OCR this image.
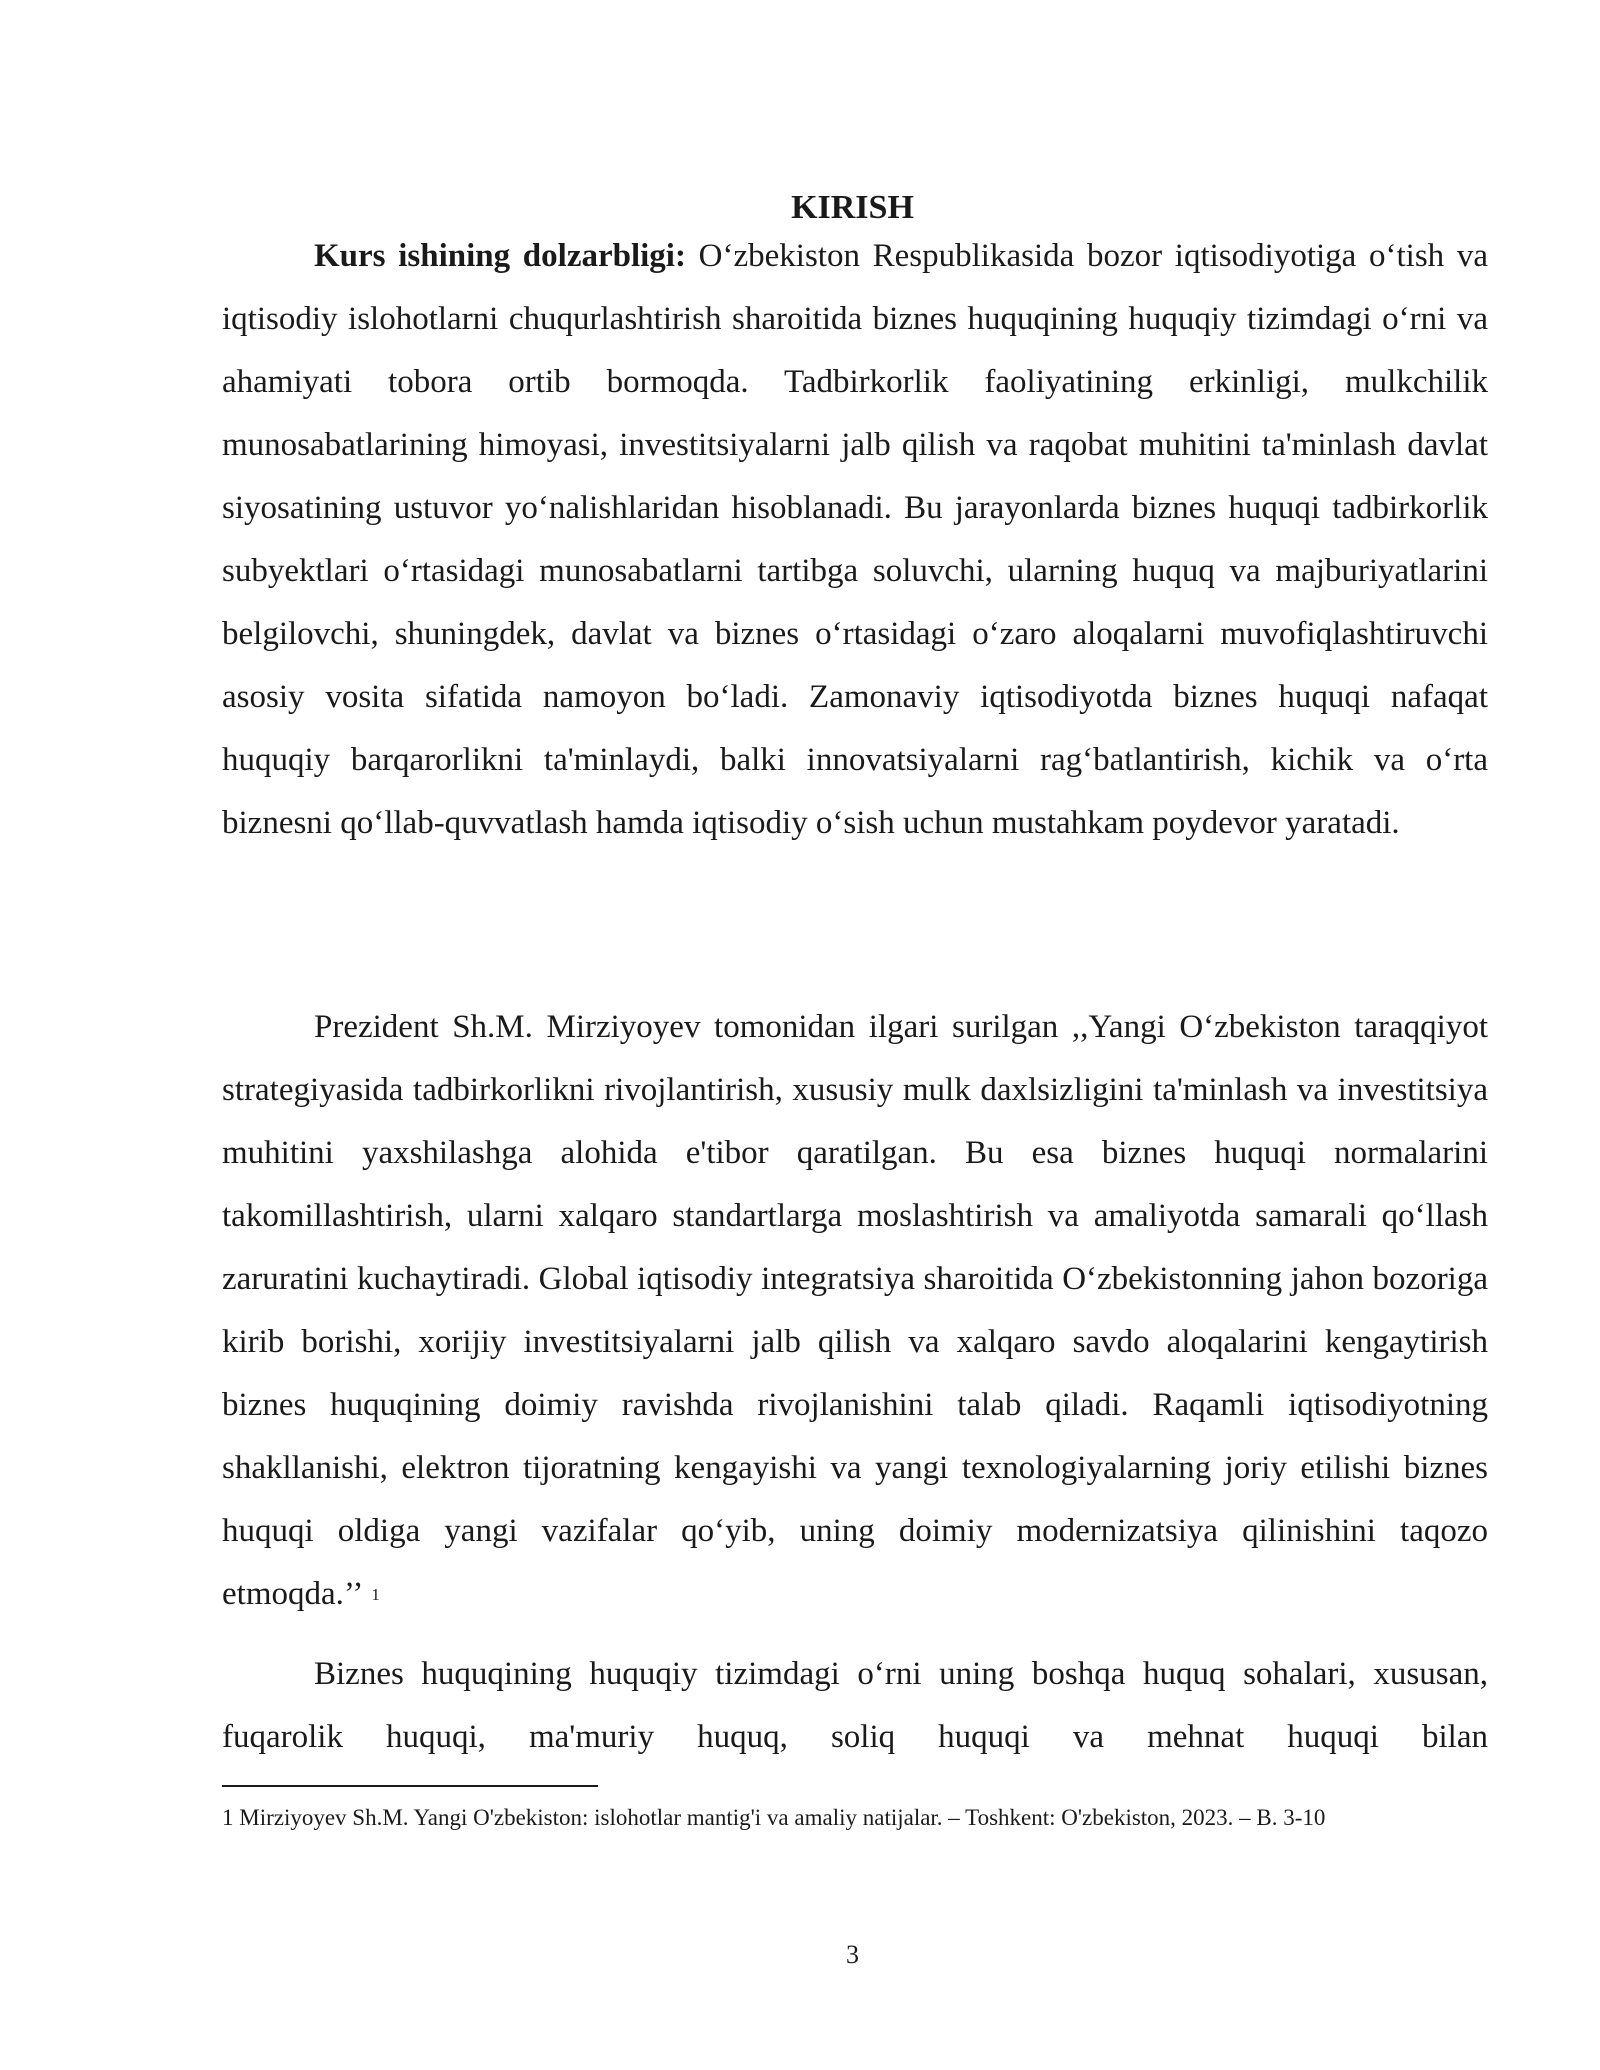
KIRISH

Kurs ishining dolzarbligi: O‘zbekiston Respublikasida bozor iqtisodiyotiga o‘tish va iqtisodiy islohotlarni chuqurlashtirish sharoitida biznes huquqining huquqiy tizimdagi o‘rni va ahamiyati tobora ortib bormoqda. Tadbirkorlik faoliyatining erkinligi, mulkchilik munosabatlarining himoyasi, investitsiyalarni jalb qilish va raqobat muhitini ta'minlash davlat siyosatining ustuvor yo‘nalishlaridan hisoblanadi. Bu jarayonlarda biznes huquqi tadbirkorlik subyektlari o‘rtasidagi munosabatlarni tartibga soluvchi, ularning huquq va majburiyatlarini belgilovchi, shuningdek, davlat va biznes o‘rtasidagi o‘zaro aloqalarni muvofiqlashtiruvchi asosiy vosita sifatida namoyon bo‘ladi. Zamonaviy iqtisodiyotda biznes huquqi nafaqat huquqiy barqarorlikni ta'minlaydi, balki innovatsiyalarni rag‘batlantirish, kichik va o‘rta biznesni qo‘llab-quvvatlash hamda iqtisodiy o‘sish uchun mustahkam poydevor yaratadi.

Prezident Sh.M. Mirziyoyev tomonidan ilgari surilgan ,,Yangi O‘zbekiston taraqqiyot strategiyasida tadbirkorlikni rivojlantirish, xususiy mulk daxlsizligini ta'minlash va investitsiya muhitini yaxshilashga alohida e'tibor qaratilgan. Bu esa biznes huquqi normalarini takomillashtirish, ularni xalqaro standartlarga moslashtirish va amaliyotda samarali qo‘llash zaruratini kuchaytiradi. Global iqtisodiy integratsiya sharoitida O‘zbekistonning jahon bozoriga kirib borishi, xorijiy investitsiyalarni jalb qilish va xalqaro savdo aloqalarini kengaytirish biznes huquqining doimiy ravishda rivojlanishini talab qiladi. Raqamli iqtisodiyotning shakllanishi, elektron tijoratning kengayishi va yangi texnologiyalarning joriy etilishi biznes huquqi oldiga yangi vazifalar qo‘yib, uning doimiy modernizatsiya qilinishini taqozo etmoqda.’’ $^1$

Biznes huquqining huquqiy tizimdagi o‘rni uning boshqa huquq sohalari, xususan, fuqarolik huquqi, ma'muriy huquq, soliq huquqi va mehnat huquqi bilan

1 Mirziyoyev Sh.M. Yangi O'zbekiston: islohotlar mantig'i va amaliy natijalar. – Toshkent: O'zbekiston, 2023. – B. 3-10

3
